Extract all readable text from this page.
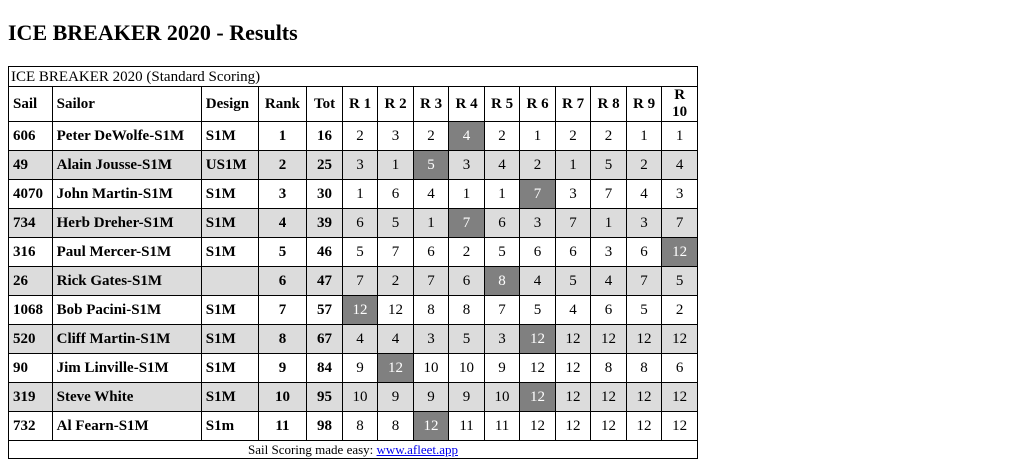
ICE BREAKER 2020 - Results
ICE BREAKER 2020 (Standard Scoring)														
Sail	Sailor	Design	Rank	Tot	R 1	R 2	R 3	R 4	R 5	R 6	R 7	R 8	R 9	R 10
606	Peter DeWolfe-S1M	S1M	1	16	2	3	2	4	2	1	2	2	1	1
49	Alain Jousse-S1M	US1M	2	25	3	1	5	3	4	2	1	5	2	4
4070	John Martin-S1M	S1M	3	30	1	6	4	1	1	7	3	7	4	3
734	Herb Dreher-S1M	S1M	4	39	6	5	1	7	6	3	7	1	3	7
316	Paul Mercer-S1M	S1M	5	46	5	7	6	2	5	6	6	3	6	12
26	Rick Gates-S1M		6	47	7	2	7	6	8	4	5	4	7	5
1068	Bob Pacini-S1M	S1M	7	57	12	12	8	8	7	5	4	6	5	2
520	Cliff Martin-S1M	S1M	8	67	4	4	3	5	3	12	12	12	12	12
90	Jim Linville-S1M	S1M	9	84	9	12	10	10	9	12	12	8	8	6
319	Steve White	S1M	10	95	10	9	9	9	10	12	12	12	12	12
732	Al Fearn-S1M	S1m	11	98	8	8	12	11	11	12	12	12	12	12
Sail Scoring made easy: www.afleet.app														
